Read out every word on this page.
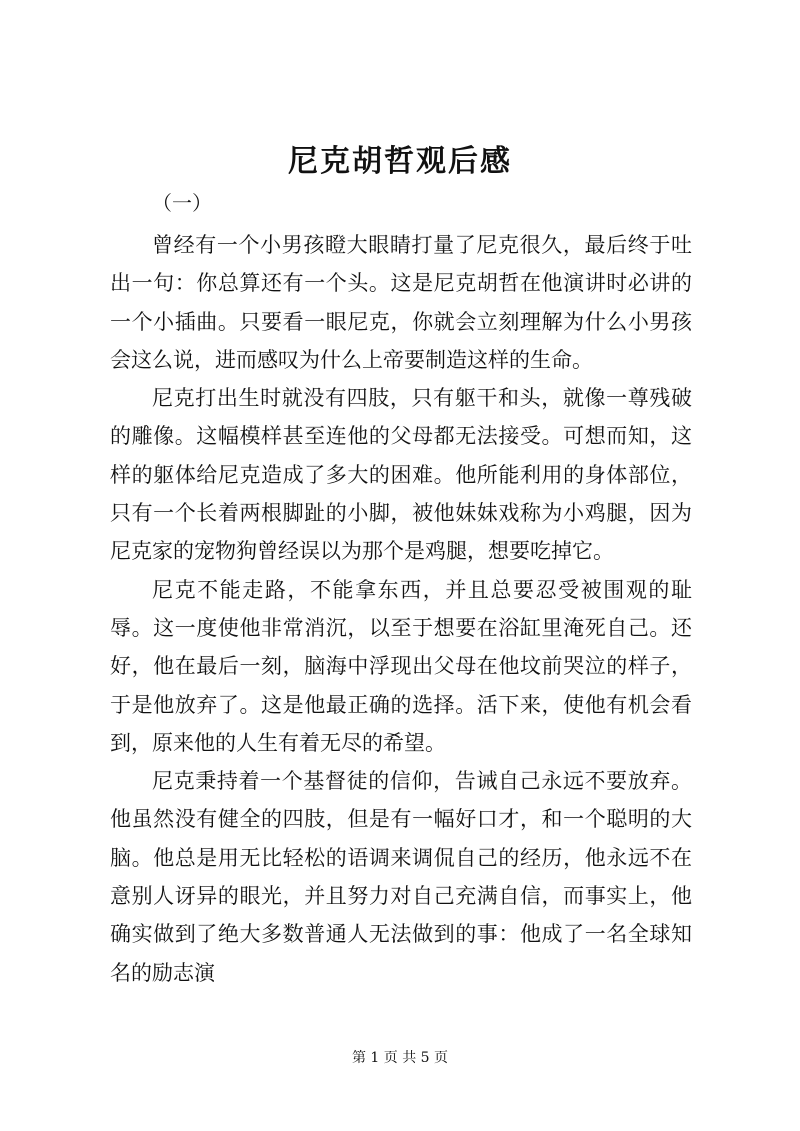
尼克胡哲观后感

（一）

曾经有一个小男孩瞪大眼睛打量了尼克很久，最后终于吐出一句：你总算还有一个头。这是尼克胡哲在他演讲时必讲的一个小插曲。只要看一眼尼克，你就会立刻理解为什么小男孩会这么说，进而感叹为什么上帝要制造这样的生命。

尼克打出生时就没有四肢，只有躯干和头，就像一尊残破的雕像。这幅模样甚至连他的父母都无法接受。可想而知，这样的躯体给尼克造成了多大的困难。他所能利用的身体部位，只有一个长着两根脚趾的小脚，被他妹妹戏称为小鸡腿，因为尼克家的宠物狗曾经误以为那个是鸡腿，想要吃掉它。

尼克不能走路，不能拿东西，并且总要忍受被围观的耻辱。这一度使他非常消沉，以至于想要在浴缸里淹死自己。还好，他在最后一刻，脑海中浮现出父母在他坟前哭泣的样子，于是他放弃了。这是他最正确的选择。活下来，使他有机会看到，原来他的人生有着无尽的希望。

尼克秉持着一个基督徒的信仰，告诫自己永远不要放弃。他虽然没有健全的四肢，但是有一幅好口才，和一个聪明的大脑。他总是用无比轻松的语调来调侃自己的经历，他永远不在意别人讶异的眼光，并且努力对自己充满自信，而事实上，他确实做到了绝大多数普通人无法做到的事：他成了一名全球知名的励志演

第 1 页 共 5 页
